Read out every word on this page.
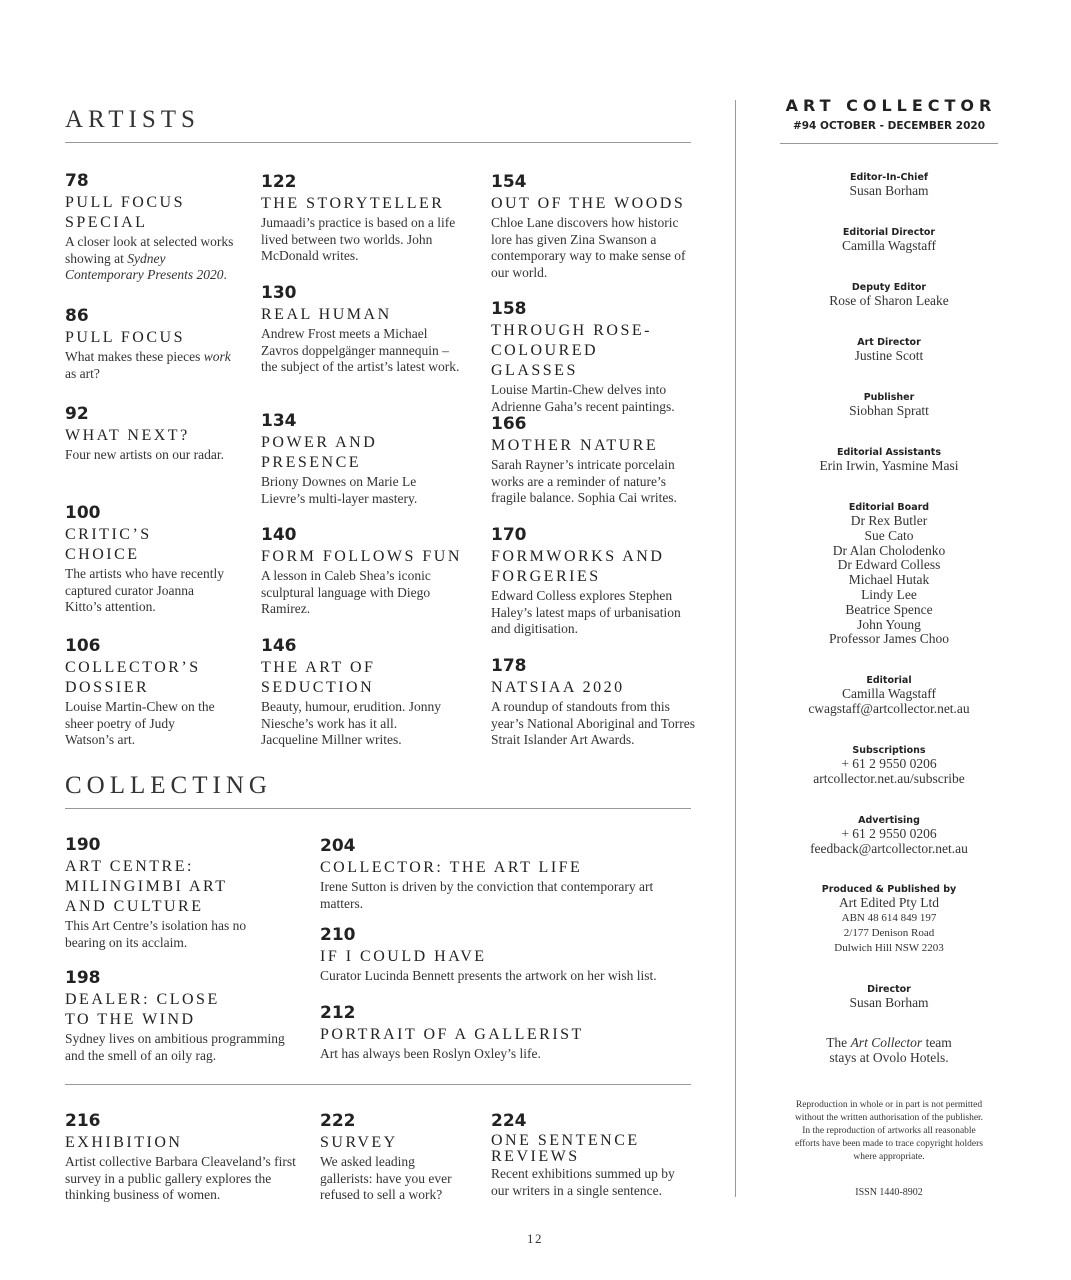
ARTISTS
78
PULL FOCUS SPECIAL
A closer look at selected works showing at Sydney Contemporary Presents 2020.
86
PULL FOCUS
What makes these pieces work as art?
92
WHAT NEXT?
Four new artists on our radar.
100
CRITIC’S CHOICE
The artists who have recently captured curator Joanna Kitto’s attention.
106
COLLECTOR’S DOSSIER
Louise Martin-Chew on the sheer poetry of Judy Watson’s art.
122
THE STORYTELLER
Jumaadi’s practice is based on a life lived between two worlds. John McDonald writes.
130
REAL HUMAN
Andrew Frost meets a Michael Zavros doppelgänger mannequin – the subject of the artist’s latest work.
134
POWER AND PRESENCE
Briony Downes on Marie Le Lievre’s multi-layer mastery.
140
FORM FOLLOWS FUN
A lesson in Caleb Shea’s iconic sculptural language with Diego Ramirez.
146
THE ART OF SEDUCTION
Beauty, humour, erudition. Jonny Niesche’s work has it all. Jacqueline Millner writes.
154
OUT OF THE WOODS
Chloe Lane discovers how historic lore has given Zina Swanson a contemporary way to make sense of our world.
158
THROUGH ROSE-COLOURED GLASSES
Louise Martin-Chew delves into Adrienne Gaha’s recent paintings.
166
MOTHER NATURE
Sarah Rayner’s intricate porcelain works are a reminder of nature’s fragile balance. Sophia Cai writes.
170
FORMWORKS AND FORGERIES
Edward Colless explores Stephen Haley’s latest maps of urbanisation and digitisation.
178
NATSIAA 2020
A roundup of standouts from this year’s National Aboriginal and Torres Strait Islander Art Awards.
COLLECTING
190
ART CENTRE: MILINGIMBI ART AND CULTURE
This Art Centre’s isolation has no bearing on its acclaim.
198
DEALER: CLOSE TO THE WIND
Sydney lives on ambitious programming and the smell of an oily rag.
204
COLLECTOR: THE ART LIFE
Irene Sutton is driven by the conviction that contemporary art matters.
210
IF I COULD HAVE
Curator Lucinda Bennett presents the artwork on her wish list.
212
PORTRAIT OF A GALLERIST
Art has always been Roslyn Oxley’s life.
216
EXHIBITION
Artist collective Barbara Cleaveland’s first survey in a public gallery explores the thinking business of women.
222
SURVEY
We asked leading gallerists: have you ever refused to sell a work?
224
ONE SENTENCE REVIEWS
Recent exhibitions summed up by our writers in a single sentence.
12
ART COLLECTOR
#94 OCTOBER - DECEMBER 2020
Editor-In-Chief
Susan Borham
Editorial Director
Camilla Wagstaff
Deputy Editor
Rose of Sharon Leake
Art Director
Justine Scott
Publisher
Siobhan Spratt
Editorial Assistants
Erin Irwin, Yasmine Masi
Editorial Board
Dr Rex Butler
Sue Cato
Dr Alan Cholodenko
Dr Edward Colless
Michael Hutak
Lindy Lee
Beatrice Spence
John Young
Professor James Choo
Editorial
Camilla Wagstaff
cwagstaff@artcollector.net.au
Subscriptions
+ 61 2 9550 0206
artcollector.net.au/subscribe
Advertising
+ 61 2 9550 0206
feedback@artcollector.net.au
Produced & Published by
Art Edited Pty Ltd
ABN 48 614 849 197
2/177 Denison Road
Dulwich Hill NSW 2203
Director
Susan Borham
The Art Collector team
stays at Ovolo Hotels.
Reproduction in whole or in part is not permitted without the written authorisation of the publisher. In the reproduction of artworks all reasonable efforts have been made to trace copyright holders where appropriate.
ISSN 1440-8902
